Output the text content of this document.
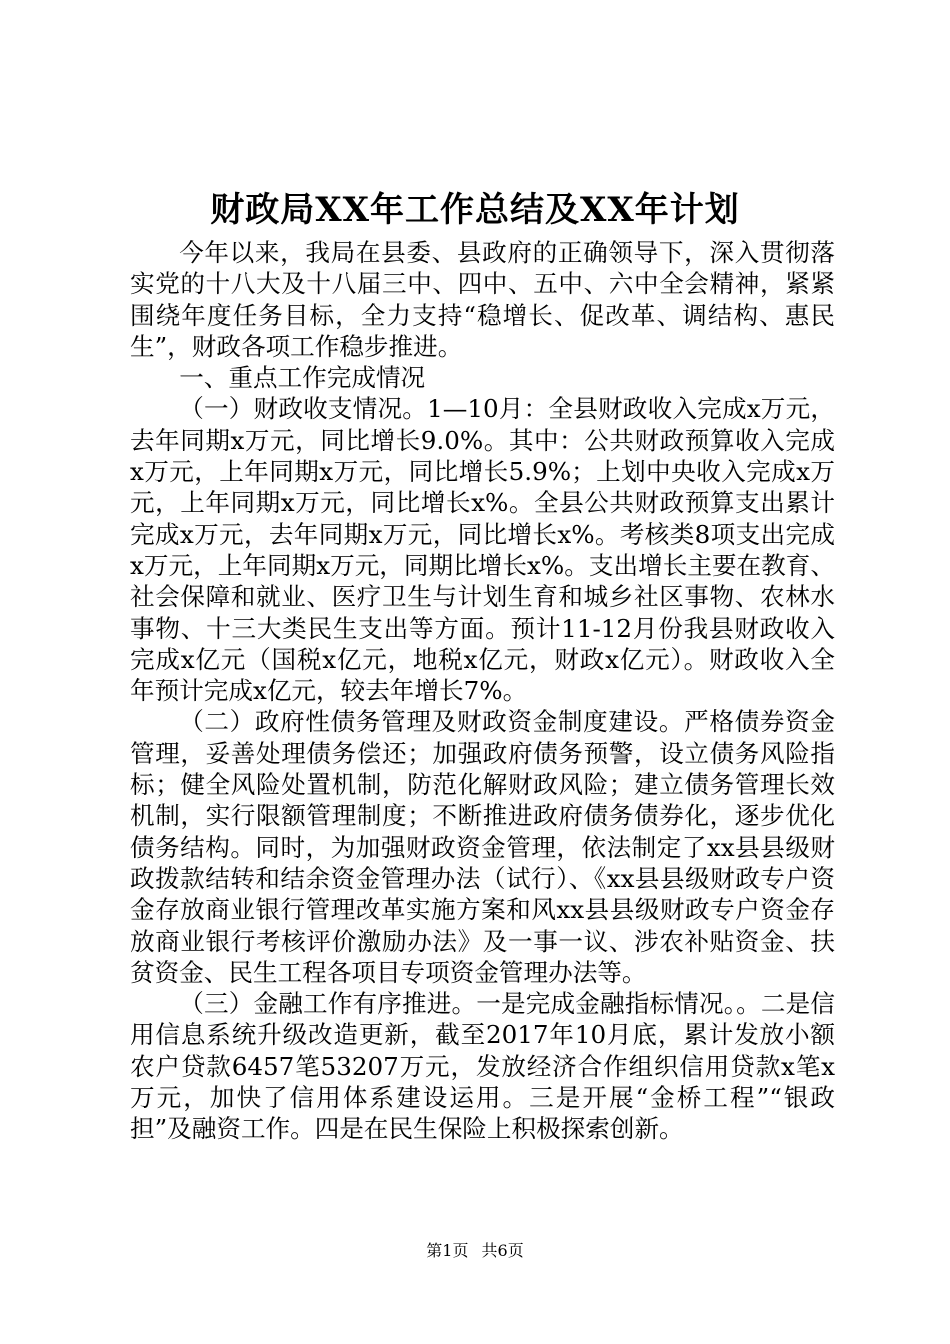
财政局XX年工作总结及XX年计划

今年以来，我局在县委、县政府的正确领导下，深入贯彻落实党的十八大及十八届三中、四中、五中、六中全会精神，紧紧围绕年度任务目标，全力支持“稳增长、促改革、调结构、惠民生”，财政各项工作稳步推进。

一、重点工作完成情况

（一）财政收支情况。1—10月：全县财政收入完成x万元，去年同期x万元，同比增长9.0%。其中：公共财政预算收入完成x万元，上年同期x万元，同比增长5.9%；上划中央收入完成x万元，上年同期x万元，同比增长x%。全县公共财政预算支出累计完成x万元，去年同期x万元，同比增长x%。考核类8项支出完成x万元，上年同期x万元，同期比增长x%。支出增长主要在教育、社会保障和就业、医疗卫生与计划生育和城乡社区事物、农林水事物、十三大类民生支出等方面。预计11-12月份我县财政收入完成x亿元（国税x亿元，地税x亿元，财政x亿元）。财政收入全年预计完成x亿元，较去年增长7%。

（二）政府性债务管理及财政资金制度建设。严格债券资金管理，妥善处理债务偿还；加强政府债务预警，设立债务风险指标；健全风险处置机制，防范化解财政风险；建立债务管理长效机制，实行限额管理制度；不断推进政府债务债券化，逐步优化债务结构。同时，为加强财政资金管理，依法制定了xx县县级财政拨款结转和结余资金管理办法（试行）、《xx县县级财政专户资金存放商业银行管理改革实施方案和风xx县县级财政专户资金存放商业银行考核评价激励办法》及一事一议、涉农补贴资金、扶贫资金、民生工程各项目专项资金管理办法等。

（三）金融工作有序推进。一是完成金融指标情况。。二是信用信息系统升级改造更新，截至2017年10月底，累计发放小额农户贷款6457笔53207万元，发放经济合作组织信用贷款x笔x万元，加快了信用体系建设运用。三是开展“金桥工程”“银政担”及融资工作。四是在民生保险上积极探索创新。

第1页 共6页
